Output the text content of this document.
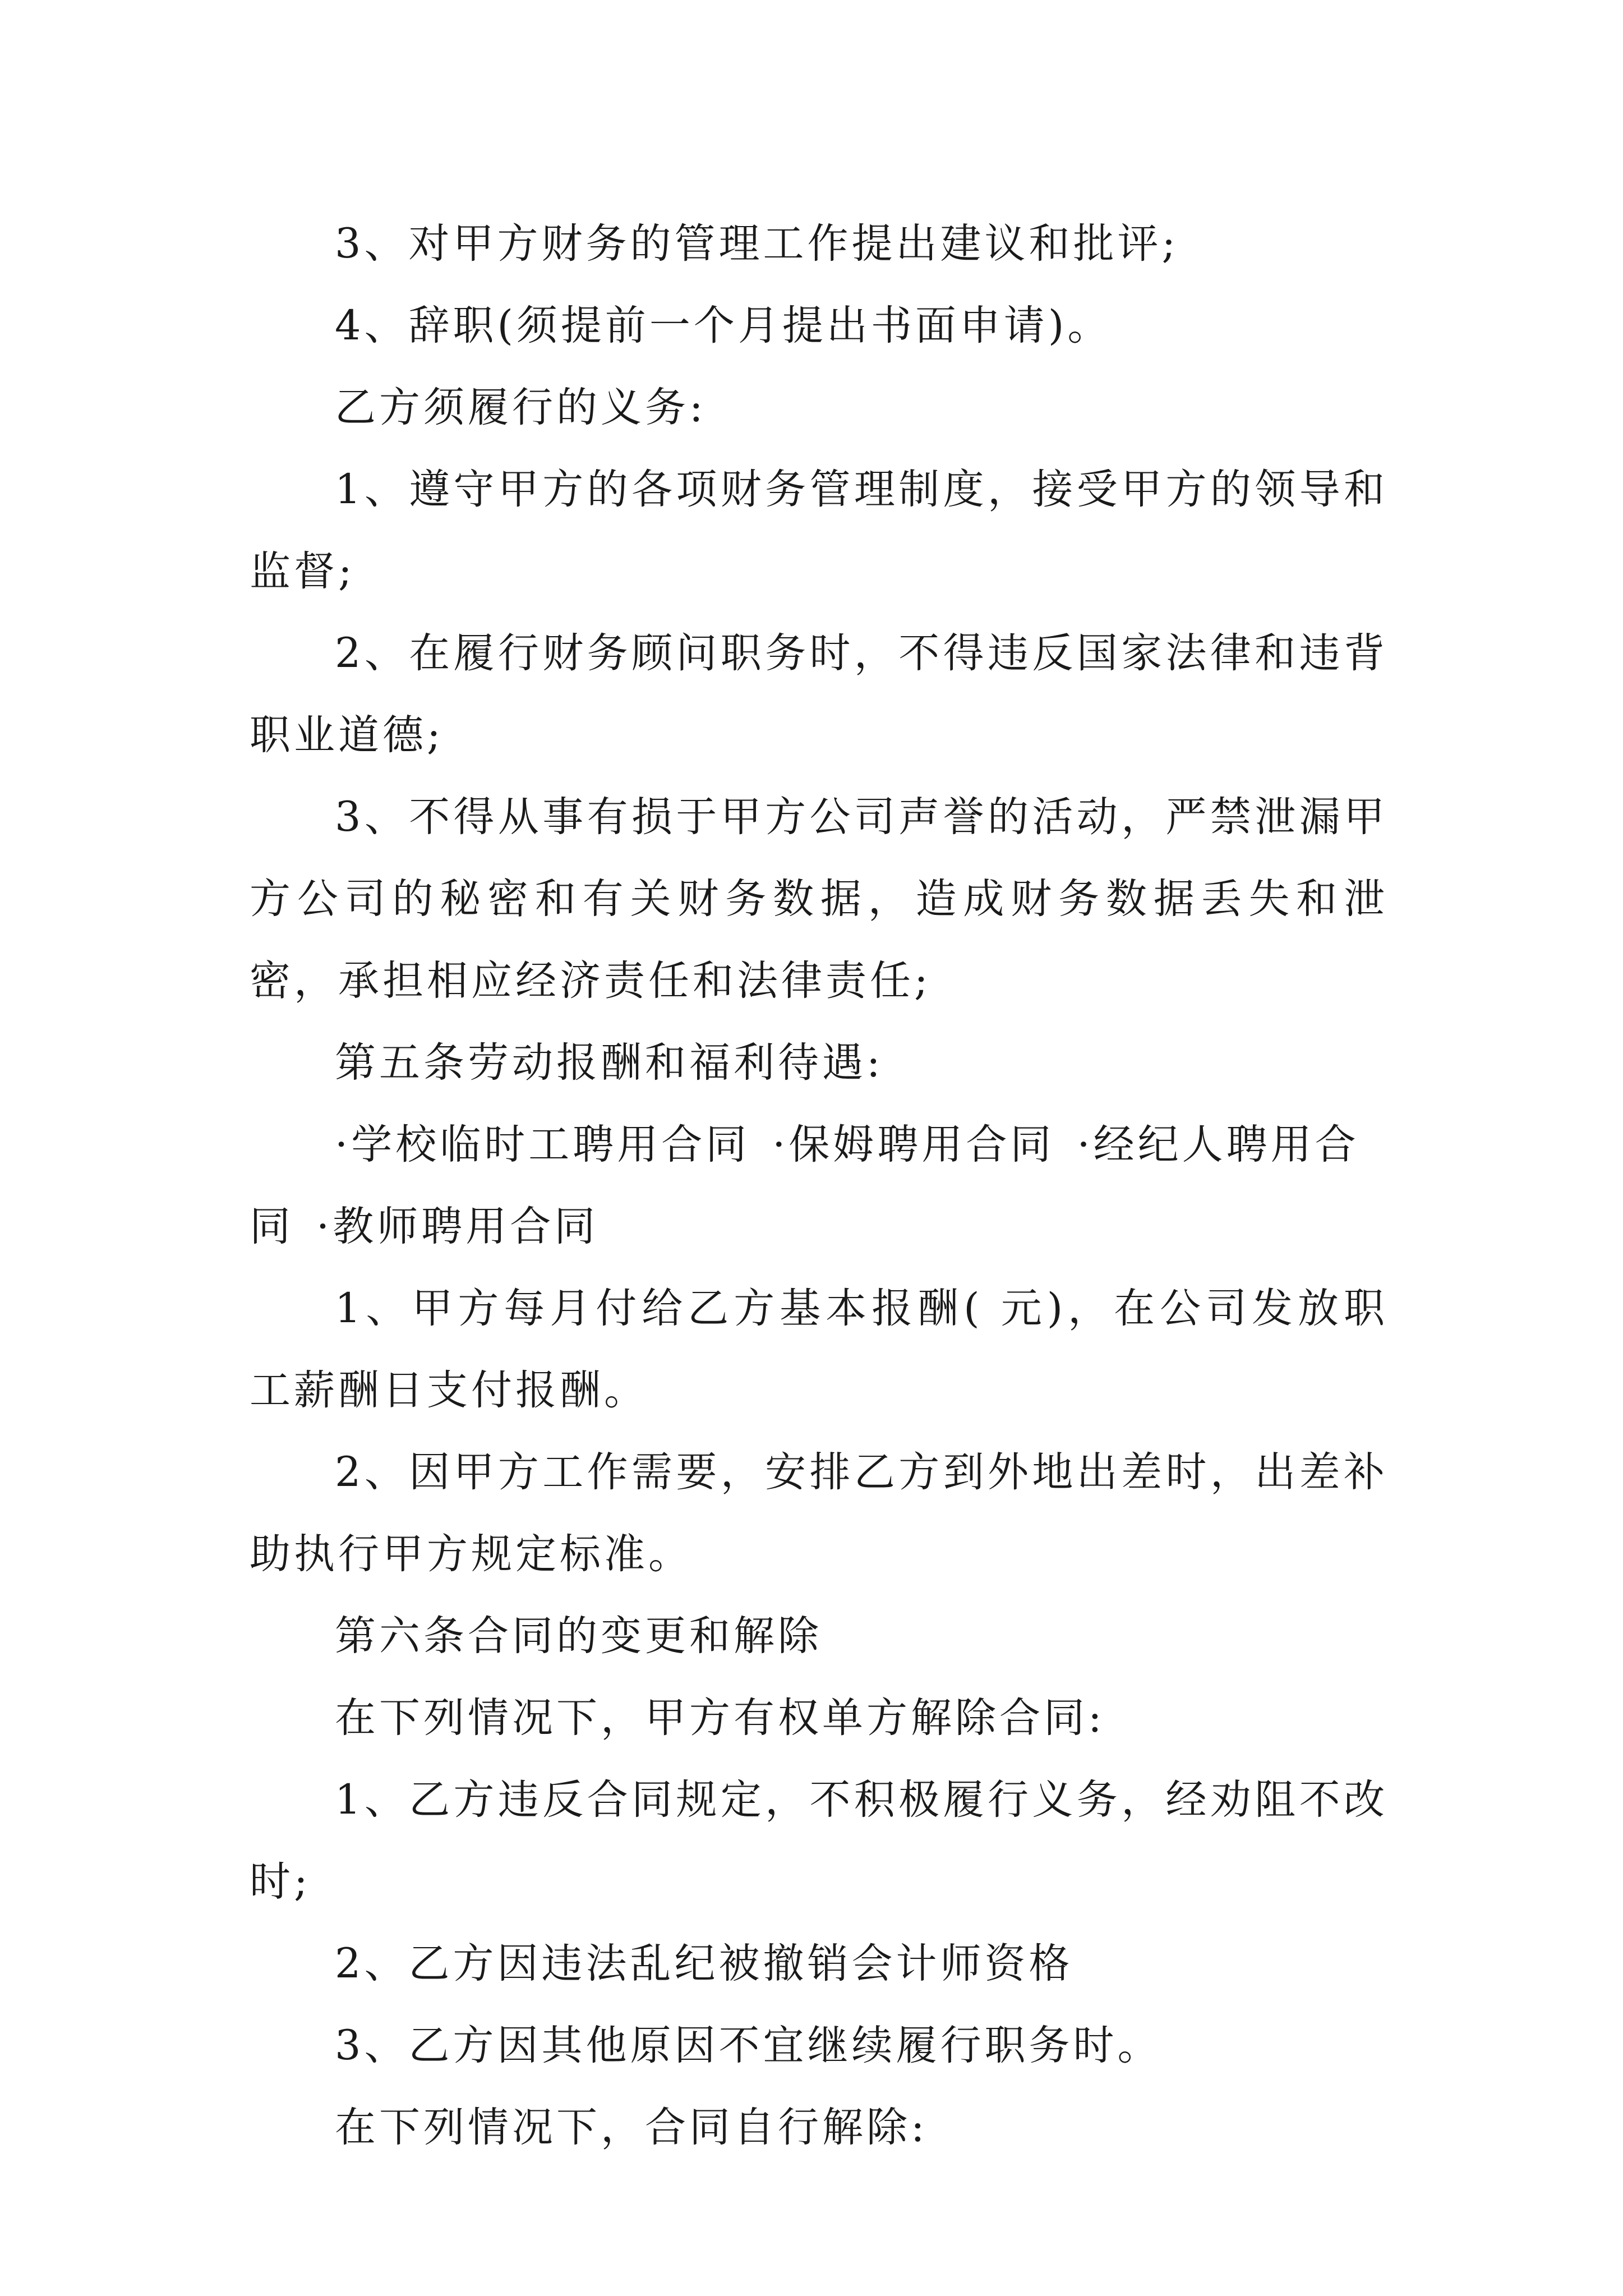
3、对甲方财务的管理工作提出建议和批评;

4、辞职(须提前一个月提出书面申请)。

乙方须履行的义务:

1、遵守甲方的各项财务管理制度，接受甲方的领导和监督;

2、在履行财务顾问职务时，不得违反国家法律和违背职业道德;

3、不得从事有损于甲方公司声誉的活动，严禁泄漏甲方公司的秘密和有关财务数据，造成财务数据丢失和泄密，承担相应经济责任和法律责任;

第五条劳动报酬和福利待遇:

·学校临时工聘用合同 ·保姆聘用合同 ·经纪人聘用合同 ·教师聘用合同

1、甲方每月付给乙方基本报酬( 元)，在公司发放职工薪酬日支付报酬。

2、因甲方工作需要，安排乙方到外地出差时，出差补助执行甲方规定标准。

第六条合同的变更和解除

在下列情况下，甲方有权单方解除合同:

1、乙方违反合同规定，不积极履行义务，经劝阻不改时;

2、乙方因违法乱纪被撤销会计师资格

3、乙方因其他原因不宜继续履行职务时。

在下列情况下，合同自行解除:
